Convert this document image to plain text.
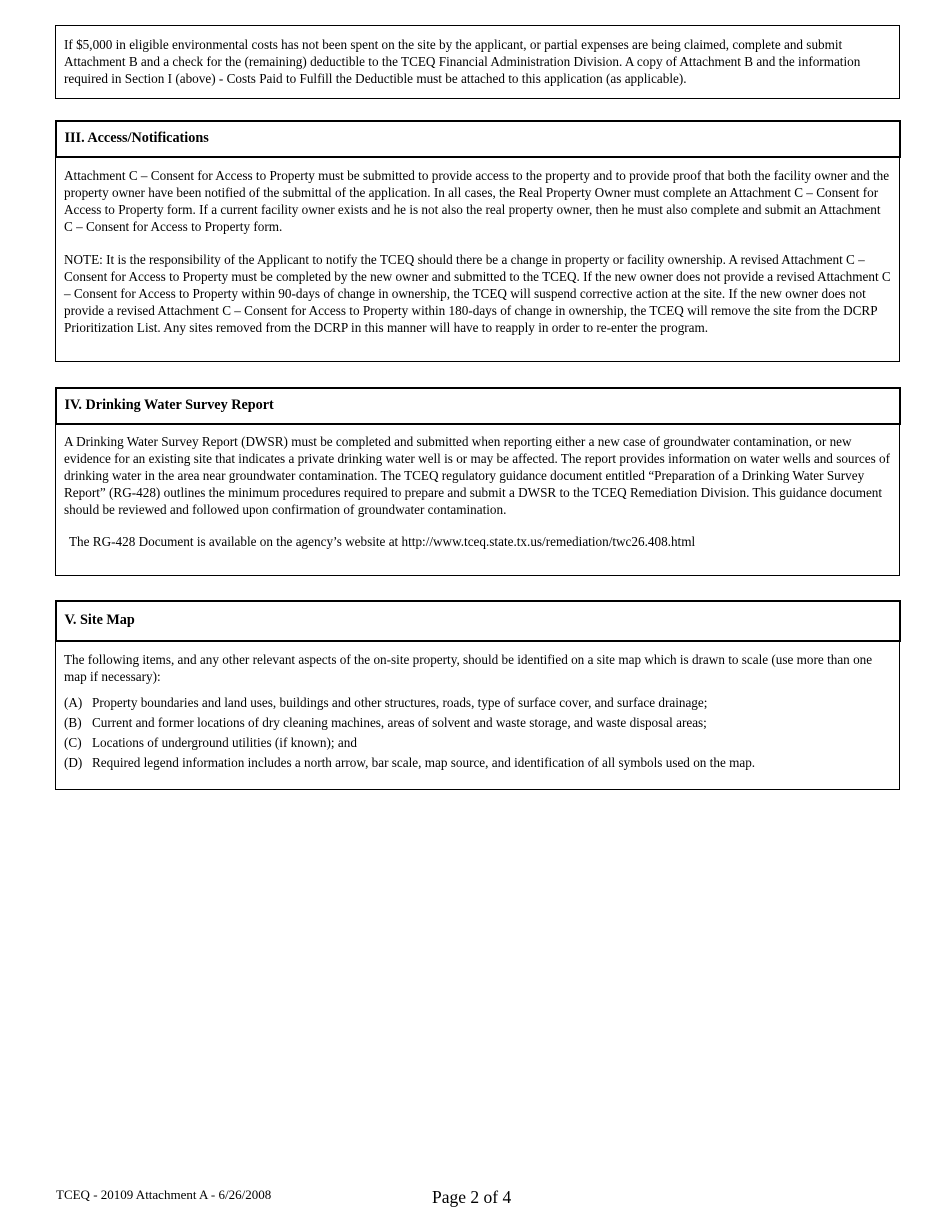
If $5,000 in eligible environmental costs has not been spent on the site by the applicant, or partial expenses are being claimed, complete and submit Attachment B and a check for the (remaining) deductible to the TCEQ Financial Administration Division. A copy of Attachment B and the information required in Section I (above) - Costs Paid to Fulfill the Deductible must be attached to this application (as applicable).

III. Access/Notifications

Attachment C – Consent for Access to Property must be submitted to provide access to the property and to provide proof that both the facility owner and the property owner have been notified of the submittal of the application. In all cases, the Real Property Owner must complete an Attachment C – Consent for Access to Property form. If a current facility owner exists and he is not also the real property owner, then he must also complete and submit an Attachment C – Consent for Access to Property form.

NOTE: It is the responsibility of the Applicant to notify the TCEQ should there be a change in property or facility ownership. A revised Attachment C – Consent for Access to Property must be completed by the new owner and submitted to the TCEQ. If the new owner does not provide a revised Attachment C – Consent for Access to Property within 90-days of change in ownership, the TCEQ will suspend corrective action at the site. If the new owner does not provide a revised Attachment C – Consent for Access to Property within 180-days of change in ownership, the TCEQ will remove the site from the DCRP Prioritization List. Any sites removed from the DCRP in this manner will have to reapply in order to re-enter the program.

IV. Drinking Water Survey Report

A Drinking Water Survey Report (DWSR) must be completed and submitted when reporting either a new case of groundwater contamination, or new evidence for an existing site that indicates a private drinking water well is or may be affected. The report provides information on water wells and sources of drinking water in the area near groundwater contamination. The TCEQ regulatory guidance document entitled “Preparation of a Drinking Water Survey Report” (RG-428) outlines the minimum procedures required to prepare and submit a DWSR to the TCEQ Remediation Division. This guidance document should be reviewed and followed upon confirmation of groundwater contamination.

The RG-428 Document is available on the agency’s website at http://www.tceq.state.tx.us/remediation/twc26.408.html

V. Site Map

The following items, and any other relevant aspects of the on-site property, should be identified on a site map which is drawn to scale (use more than one map if necessary):

(A) Property boundaries and land uses, buildings and other structures, roads, type of surface cover, and surface drainage;
(B) Current and former locations of dry cleaning machines, areas of solvent and waste storage, and waste disposal areas;
(C) Locations of underground utilities (if known); and
(D) Required legend information includes a north arrow, bar scale, map source, and identification of all symbols used on the map.
TCEQ - 20109 Attachment A - 6/26/2008	Page 2 of 4
